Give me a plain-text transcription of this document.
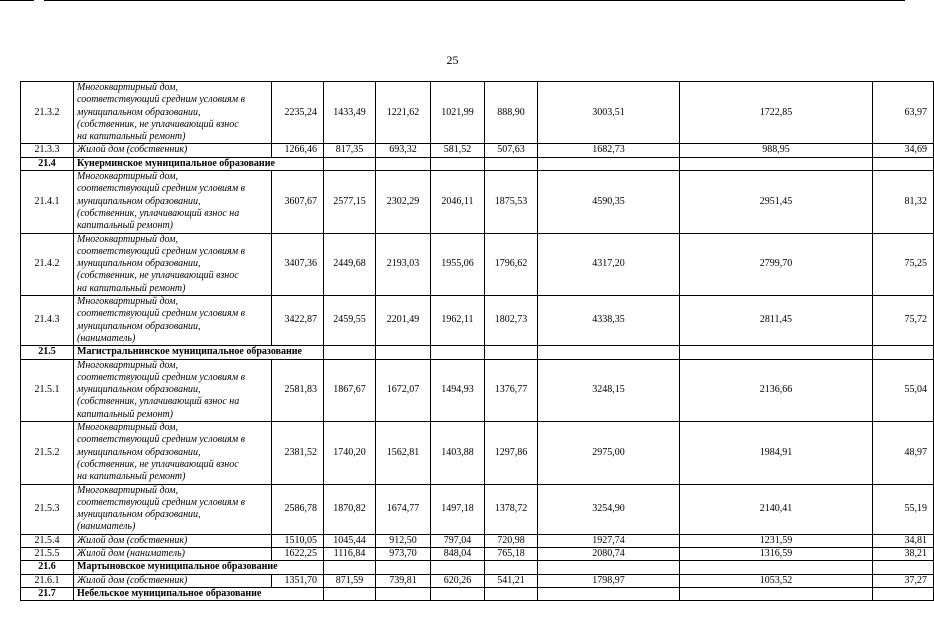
25
21.3.2	Многоквартирный дом,
соответствующий средним условиям в
муниципальном образовании,
(собственник, не уплачивающий взнос
на капитальный ремонт)	2235,24	1433,49	1221,62	1021,99	888,90	3003,51	1722,85	63,97
21.3.3	Жилой дом (собственник)	1266,46	817,35	693,32	581,52	507,63	1682,73	988,95	34,69
21.4	Кунерминское муниципальное образование								
21.4.1	Многоквартирный дом,
соответствующий средним условиям в
муниципальном образовании,
(собственник, уплачивающий взнос на
капитальный ремонт)	3607,67	2577,15	2302,29	2046,11	1875,53	4590,35	2951,45	81,32
21.4.2	Многоквартирный дом,
соответствующий средним условиям в
муниципальном образовании,
(собственник, не уплачивающий взнос
на капитальный ремонт)	3407,36	2449,68	2193,03	1955,06	1796,62	4317,20	2799,70	75,25
21.4.3	Многоквартирный дом,
соответствующий средним условиям в
муниципальном образовании,
(наниматель)	3422,87	2459,55	2201,49	1962,11	1802,73	4338,35	2811,45	75,72
21.5	Магистральнинское муниципальное образование								
21.5.1	Многоквартирный дом,
соответствующий средним условиям в
муниципальном образовании,
(собственник, уплачивающий взнос на
капитальный ремонт)	2581,83	1867,67	1672,07	1494,93	1376,77	3248,15	2136,66	55,04
21.5.2	Многоквартирный дом,
соответствующий средним условиям в
муниципальном образовании,
(собственник, не уплачивающий взнос
на капитальный ремонт)	2381,52	1740,20	1562,81	1403,88	1297,86	2975,00	1984,91	48,97
21.5.3	Многоквартирный дом,
соответствующий средним условиям в
муниципальном образовании,
(наниматель)	2586,78	1870,82	1674,77	1497,18	1378,72	3254,90	2140,41	55,19
21.5.4	Жилой дом (собственник)	1510,05	1045,44	912,50	797,04	720,98	1927,74	1231,59	34,81
21.5.5	Жилой дом (наниматель)	1622,25	1116,84	973,70	848,04	765,18	2080,74	1316,59	38,21
21.6	Мартыновское муниципальное образование								
21.6.1	Жилой дом (собственник)	1351,70	871,59	739,81	620,26	541,21	1798,97	1053,52	37,27
21.7	Небельское муниципальное образование								
